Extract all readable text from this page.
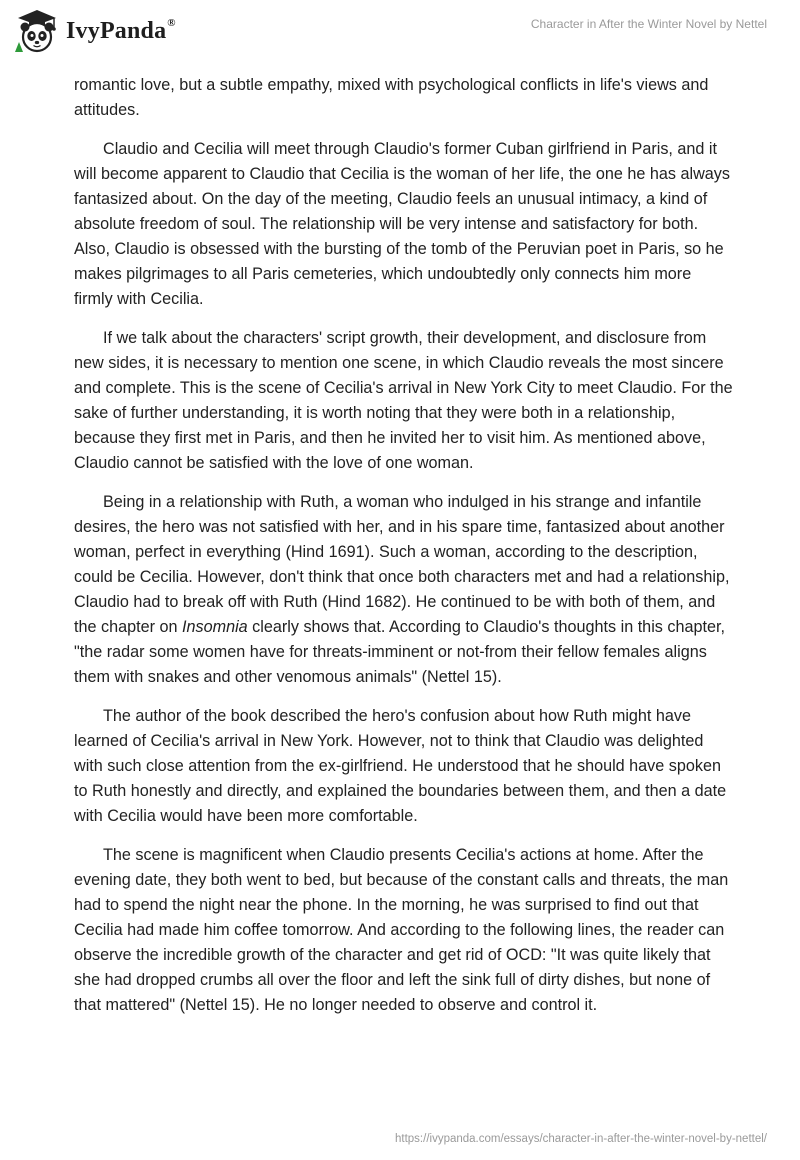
IvyPanda®	Character in After the Winter Novel by Nettel

romantic love, but a subtle empathy, mixed with psychological conflicts in life's views and attitudes.

Claudio and Cecilia will meet through Claudio's former Cuban girlfriend in Paris, and it will become apparent to Claudio that Cecilia is the woman of her life, the one he has always fantasized about. On the day of the meeting, Claudio feels an unusual intimacy, a kind of absolute freedom of soul. The relationship will be very intense and satisfactory for both. Also, Claudio is obsessed with the bursting of the tomb of the Peruvian poet in Paris, so he makes pilgrimages to all Paris cemeteries, which undoubtedly only connects him more firmly with Cecilia.

If we talk about the characters' script growth, their development, and disclosure from new sides, it is necessary to mention one scene, in which Claudio reveals the most sincere and complete. This is the scene of Cecilia's arrival in New York City to meet Claudio. For the sake of further understanding, it is worth noting that they were both in a relationship, because they first met in Paris, and then he invited her to visit him. As mentioned above, Claudio cannot be satisfied with the love of one woman.

Being in a relationship with Ruth, a woman who indulged in his strange and infantile desires, the hero was not satisfied with her, and in his spare time, fantasized about another woman, perfect in everything (Hind 1691). Such a woman, according to the description, could be Cecilia. However, don't think that once both characters met and had a relationship, Claudio had to break off with Ruth (Hind 1682). He continued to be with both of them, and the chapter on Insomnia clearly shows that. According to Claudio's thoughts in this chapter, "the radar some women have for threats-imminent or not-from their fellow females aligns them with snakes and other venomous animals" (Nettel 15).

The author of the book described the hero's confusion about how Ruth might have learned of Cecilia's arrival in New York. However, not to think that Claudio was delighted with such close attention from the ex-girlfriend. He understood that he should have spoken to Ruth honestly and directly, and explained the boundaries between them, and then a date with Cecilia would have been more comfortable.

The scene is magnificent when Claudio presents Cecilia's actions at home. After the evening date, they both went to bed, but because of the constant calls and threats, the man had to spend the night near the phone. In the morning, he was surprised to find out that Cecilia had made him coffee tomorrow. And according to the following lines, the reader can observe the incredible growth of the character and get rid of OCD: "It was quite likely that she had dropped crumbs all over the floor and left the sink full of dirty dishes, but none of that mattered" (Nettel 15). He no longer needed to observe and control it.

https://ivypanda.com/essays/character-in-after-the-winter-novel-by-nettel/
